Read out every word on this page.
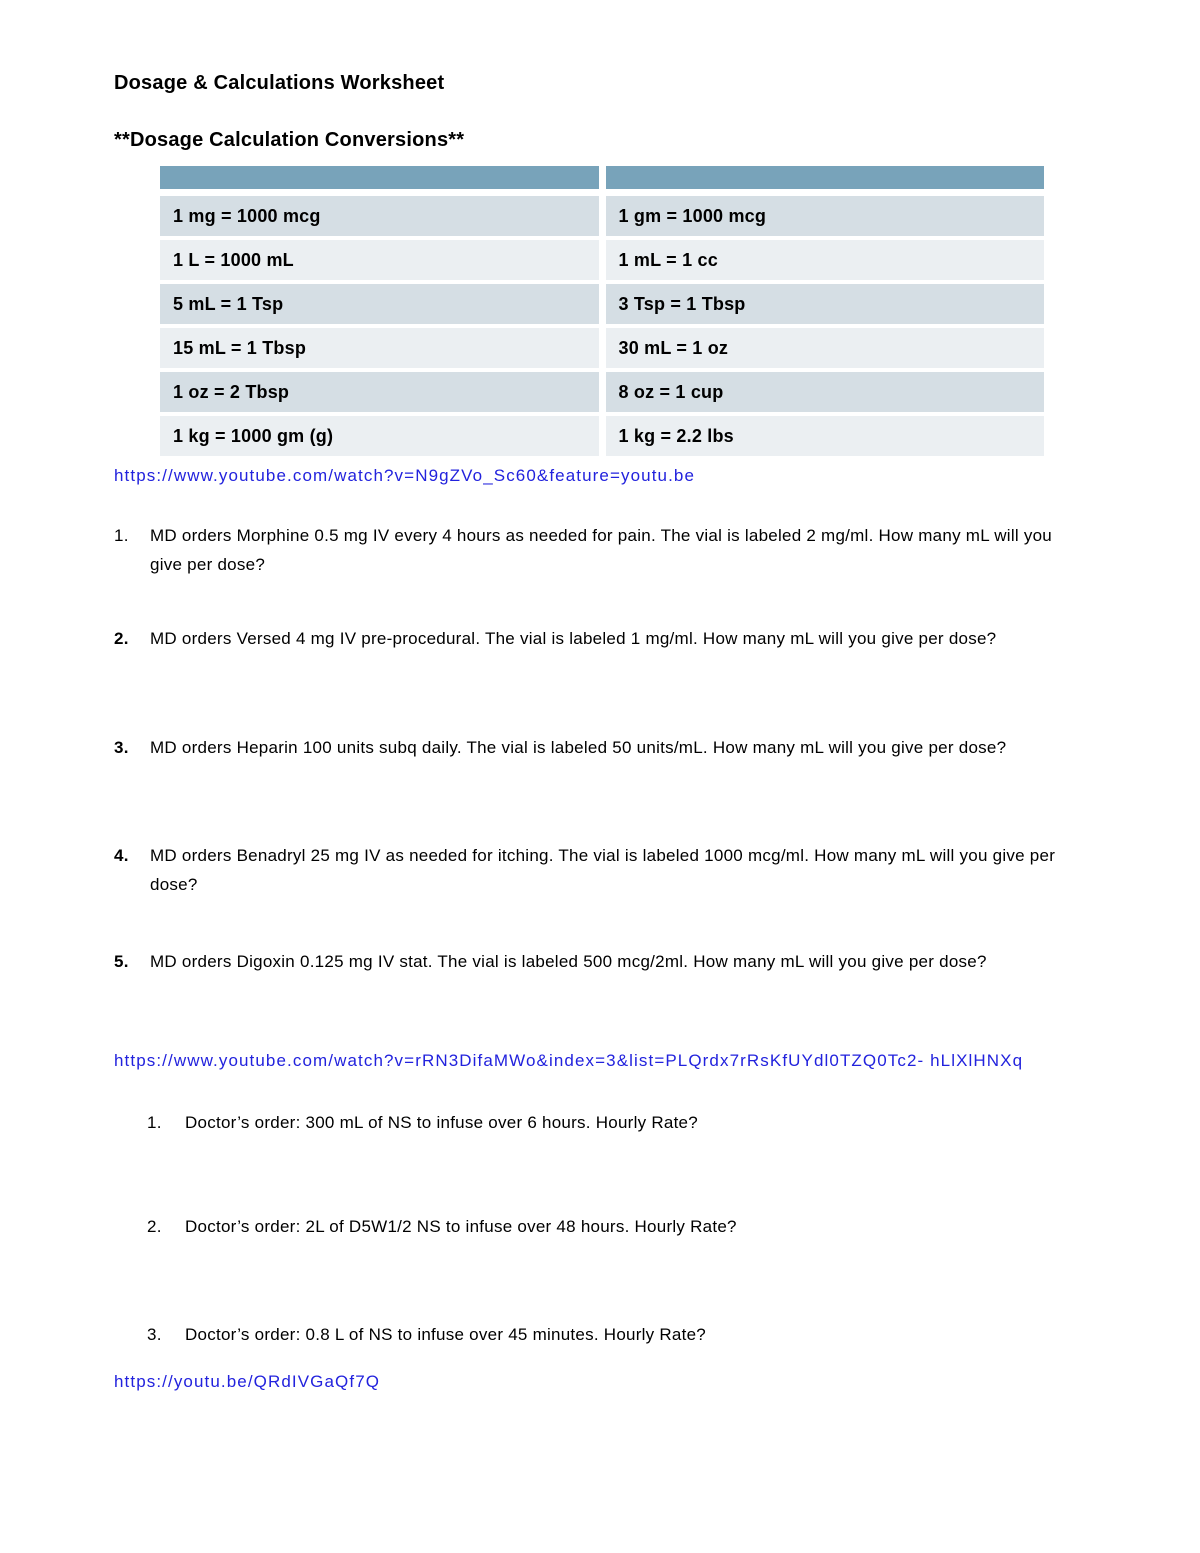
Dosage & Calculations Worksheet
**Dosage Calculation Conversions**
1 mg = 1000 mcg	1 gm = 1000 mcg
1 L = 1000 mL	1 mL = 1 cc
5 mL = 1 Tsp	3 Tsp = 1 Tbsp
15 mL = 1 Tbsp	30 mL = 1 oz
1 oz = 2 Tbsp	8 oz = 1 cup
1 kg = 1000 gm (g)	1 kg = 2.2 lbs
https://www.youtube.com/watch?v=N9gZVo_Sc60&feature=youtu.be
1.	MD orders Morphine 0.5 mg IV every 4 hours as needed for pain. The vial is labeled 2 mg/ml. How many mL will you give per dose?
2.	MD orders Versed 4 mg IV pre-procedural. The vial is labeled 1 mg/ml. How many mL will you give per dose?
3.	MD orders Heparin 100 units subq daily. The vial is labeled 50 units/mL. How many mL will you give per dose?
4.	MD orders Benadryl 25 mg IV as needed for itching. The vial is labeled 1000 mcg/ml. How many mL will you give per dose?
5.	MD orders Digoxin 0.125 mg IV stat. The vial is labeled 500 mcg/2ml. How many mL will you give per dose?
https://www.youtube.com/watch?v=rRN3DifaMWo&index=3&list=PLQrdx7rRsKfUYdl0TZQ0Tc2- hLlXlHNXq
1.	Doctor’s order: 300 mL of NS to infuse over 6 hours. Hourly Rate?
2.	Doctor’s order: 2L of D5W1/2 NS to infuse over 48 hours. Hourly Rate?
3.	Doctor’s order: 0.8 L of NS to infuse over 45 minutes. Hourly Rate?
https://youtu.be/QRdIVGaQf7Q
